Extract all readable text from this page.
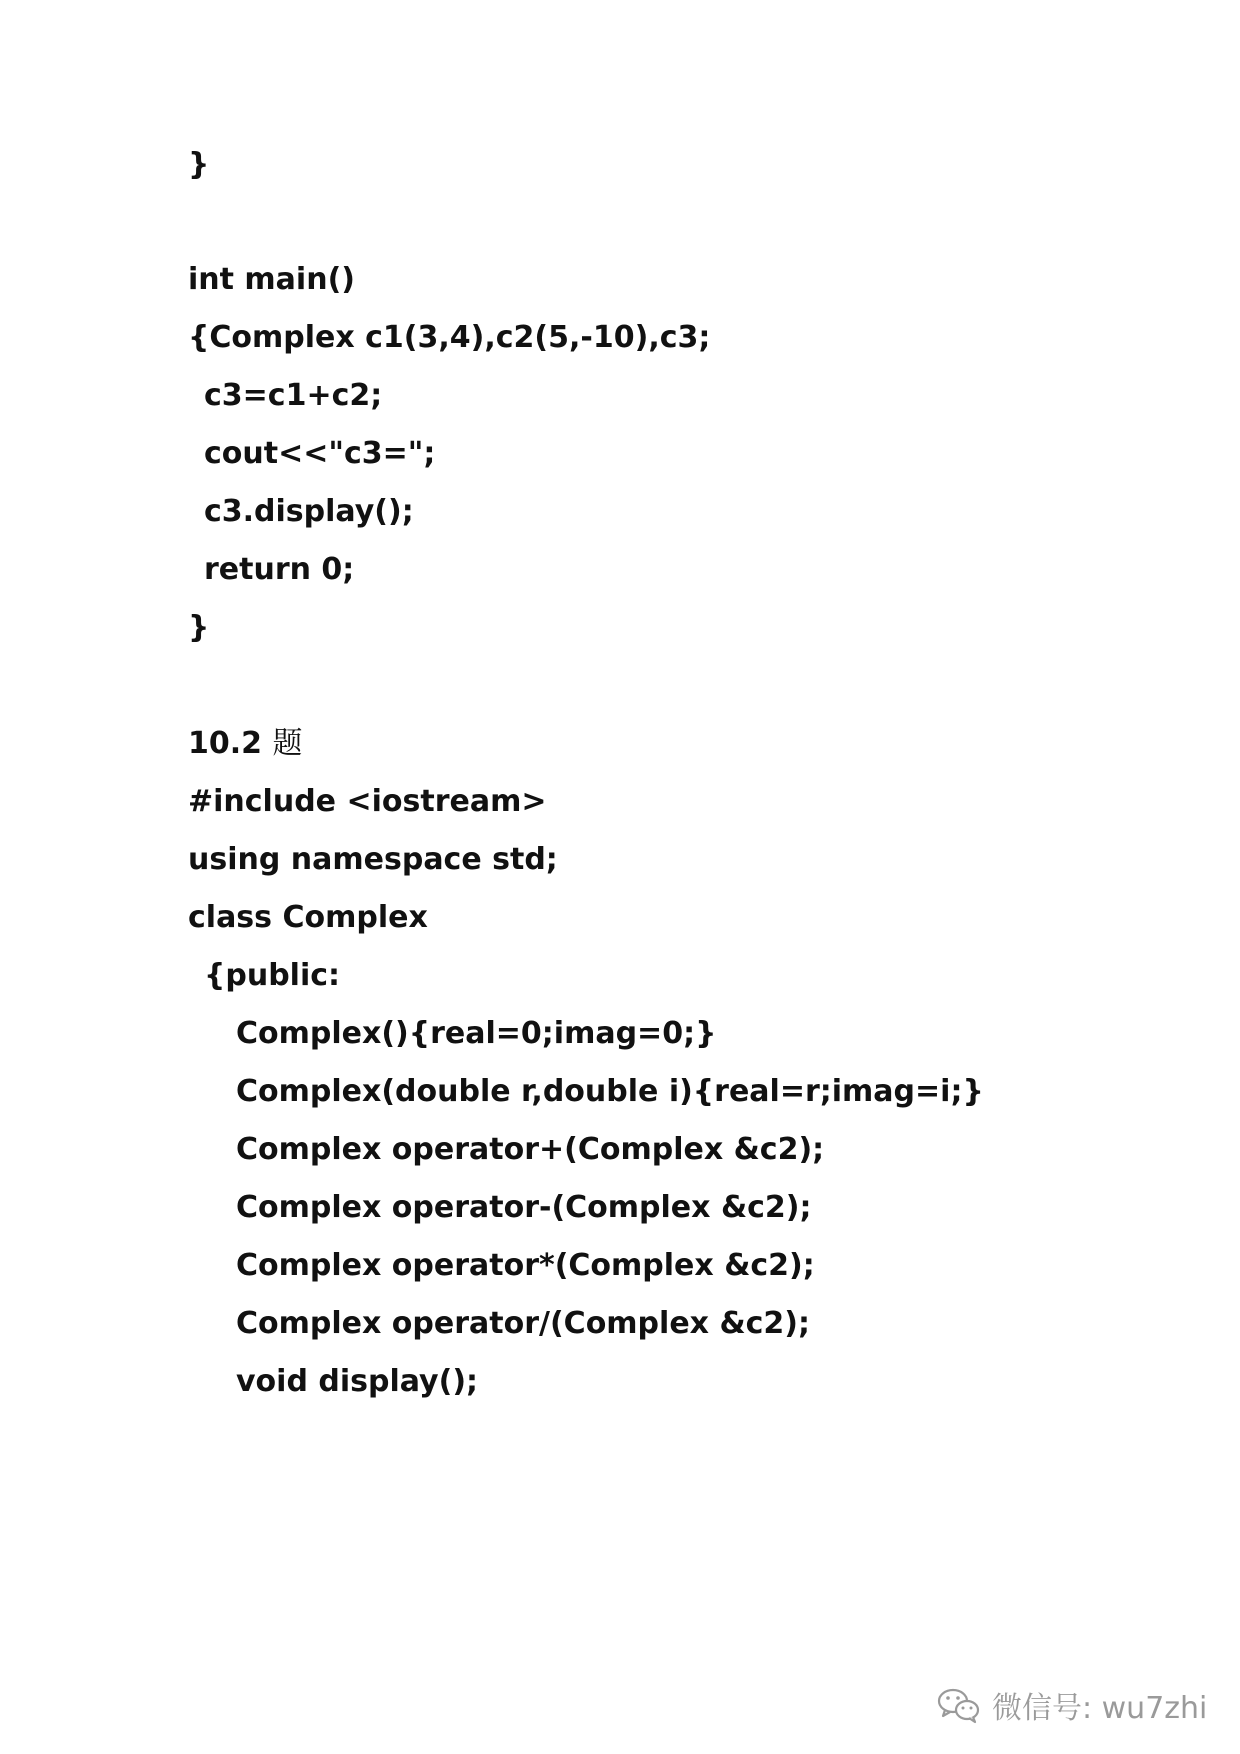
}
int main()
{Complex c1(3,4),c2(5,-10),c3;
c3=c1+c2;
cout<<"c3=";
c3.display();
return 0;
}
10.2 题
#include <iostream>
using namespace std;
class Complex
{public:
Complex(){real=0;imag=0;}
Complex(double r,double i){real=r;imag=i;}
Complex operator+(Complex &c2);
Complex operator-(Complex &c2);
Complex operator*(Complex &c2);
Complex operator/(Complex &c2);
void display();
微信号: wu7zhi
